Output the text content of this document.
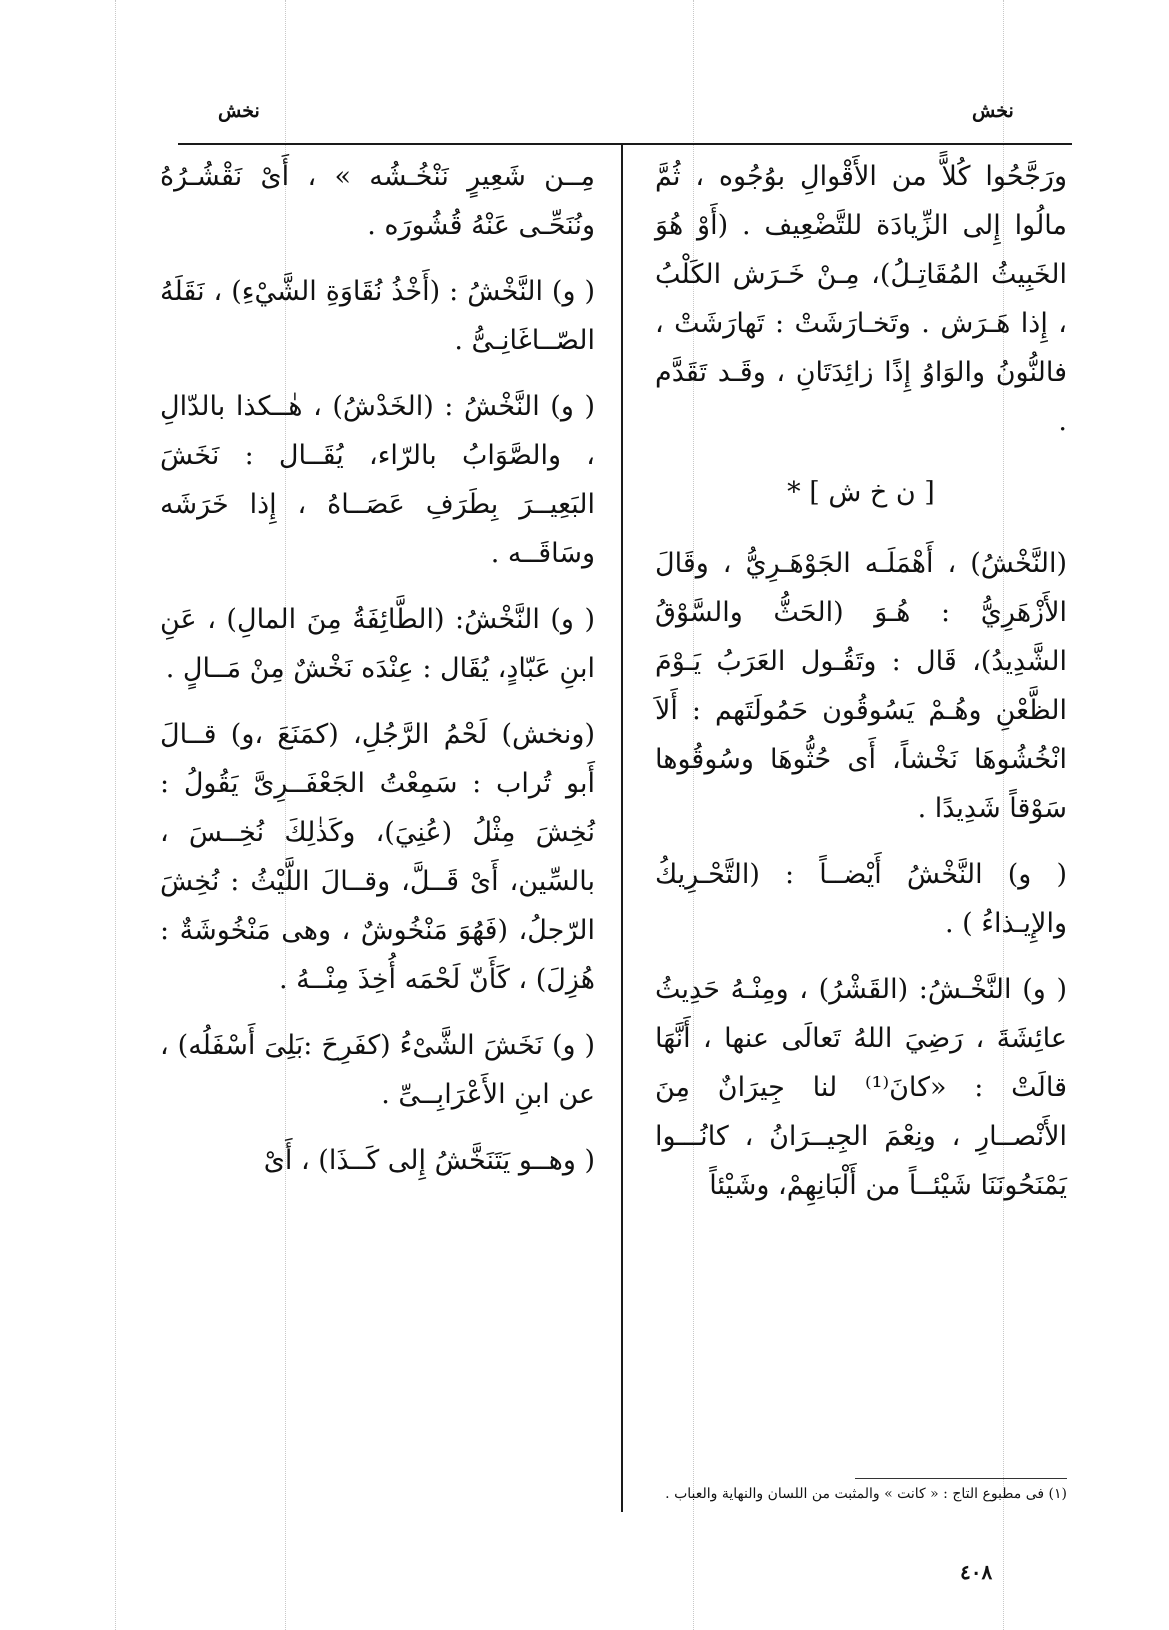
نخش	نخش

ورَجَّحُوا كُلاًّ من الأَقْوالِ بوُجُوه ، ثُمَّ مالُوا إِلى الزِّيادَة للتَّضْعِيف . (أَوْ هُوَ الخَبِيثُ المُقَاتِـلُ)، مِـنْ خَـرَش الكَلْبُ ، إِذا هَـرَش . وتَخـارَشَتْ : تَهارَشَتْ ، فالنُّونُ والوَاوُ إِذًا زائِدَتَانِ ، وقَـد تَقَدَّم .

[ ن خ ش ] *

(النَّخْشُ) ، أَهْمَلَـه الجَوْهَـرِيُّ ، وقَالَ الأَزْهَرِيُّ : هُـوَ (الحَثُّ والسَّوْقُ الشَّدِيدُ)، قَال : وتَقُـول العَرَبُ يَـوْمَ الظَّعْنِ وهُـمْ يَسُوقُون حَمُولَتَهم : أَلاَ انْخُشُوهَا نَخْشاً، أَى حُثُّوهَا وسُوقُوها سَوْقاً شَدِيدًا .

( و) النَّخْشُ أَيْضــاً : (التَّحْـرِيكُ والإِيـذاءُ ) .

( و) النَّخْـشُ: (القَشْرُ) ، ومِنْـهُ حَدِيثُ عائِشَةَ ، رَضِيَ اللهُ تَعالَى عنها ، أَنَّهَا قالَتْ : «كانَ⁽¹⁾ لنا جِيرَانٌ مِنَ الأَنْصــارِ ، ونِعْمَ الجِيــرَانُ ، كانُـــوا يَمْنَحُونَنَا شَيْئــاً من أَلْبَانِهِمْ، وشَيْئاً

مِــن شَعِيرٍ نَنْخُـشُه » ، أَىْ نَقْشُـرُهُ ونُنَحِّـى عَنْهُ قُشُورَه .

( و) النَّخْشُ : (أَخْذُ نُقَاوَةِ الشَّيْءِ) ، نَقَلَهُ الصّــاغَانِـىُّ .

( و) النَّخْشُ : (الخَدْشُ) ، هٰــكذا بالدّالِ ، والصَّوَابُ بالرّاء، يُقَــال : نَخَشَ البَعِيــرَ بِطَرَفِ عَصَــاهُ ، إِذا خَرَشَه وسَاقَــه .

( و) النَّخْشُ: (الطَّائِفَةُ مِنَ المالِ) ، عَنِ ابنِ عَبّادٍ، يُقَال : عِنْدَه نَخْشٌ مِنْ مَــالٍ .

(ونخش) لَحْمُ الرَّجُلِ، (كمَنَعَ ،و) قــالَ أَبو تُراب : سَمِعْتُ الجَعْفَــرِىَّ يَقُولُ : نُخِشَ مِثْلُ (عُنِيَ)، وكَذٰلِكَ نُخِــسَ ، بالسِّين، أَىْ قَــلَّ، وقــالَ اللَّيْثُ : نُخِشَ الرّجلُ، (فَهُوَ مَنْخُوشٌ ، وهى مَنْخُوشَةٌ : هُزِلَ) ، كَأَنّ لَحْمَه أُخِذَ مِنْــهُ .

( و) نَخَشَ الشَّىْءُ (كفَرِحَ :بَلِىَ أَسْفَلُه) ، عن ابنِ الأَعْرَابِــىِّ .

( وهــو يَتَنَخَّشُ إِلى كَــذَا) ، أَىْ

(١) فى مطبوع التاج : « كانت » والمثبت من اللسان والنهاية والعباب .
٤٠٨
